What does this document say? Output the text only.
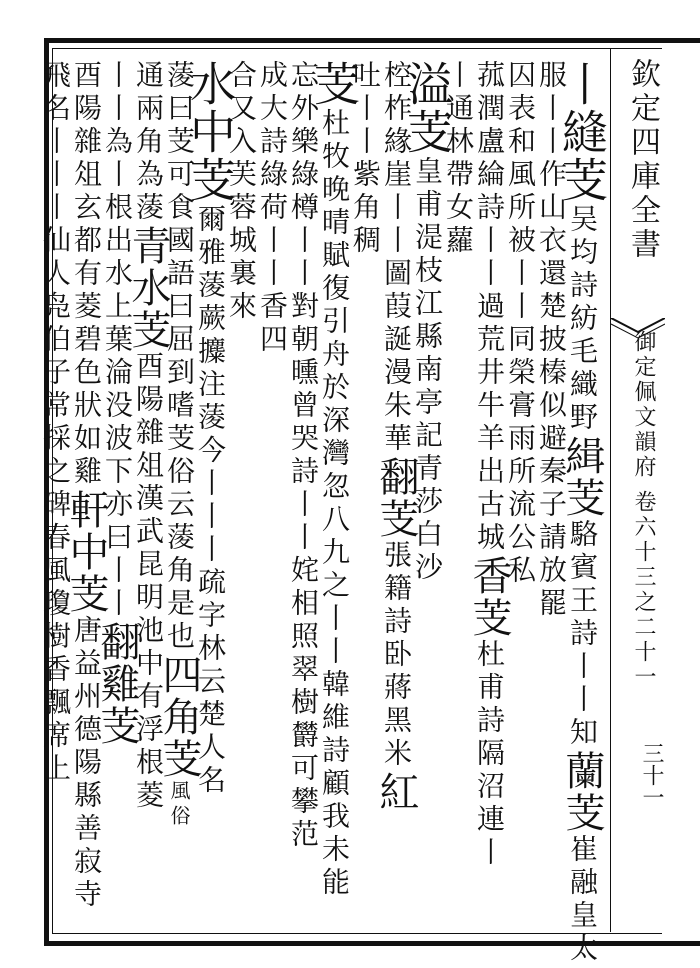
欽定四庫全書
御定佩文韻府 卷六十三之二十一
三十一
丨縫芰吴均詩紡毛織野緝芰駱賓王詩丨丨知蘭芰崔融皇太
服丨丨作山衣還楚披榛似避秦子請放罷
囚表和風所被丨丨同榮膏雨所流公私
菰潤盧綸詩丨丨過荒井牛羊出古城香芰杜甫詩隔沼連丨
丨通林帶女蘿
溢芰皇甫湜枝江縣南亭記青莎白沙
椌柞緣崖丨丨圖葭誕漫朱華翻芰張籍詩卧蔣黑米紅
吐丨丨紫角稠
芰杜牧晚晴賦復引舟於深灣忽八九之丨丨韓維詩顧我未能
忘外樂綠樽丨丨對朝曛曾哭詩丨丨姹相照翠樹欝可攀范
成大詩綠荷丨丨香四
合又入芙蓉城裏來
水中芰爾雅蔆蕨攗注蔆今丨丨丨疏字林云楚人名
蔆曰芰可食國語曰屈到嗜芰俗云蔆角是也四角芰風俗
通兩角為蔆青水芰酉陽雜俎漢武昆明池中有浮根菱
丨丨為丨根出水上葉淪没波下亦曰丨丨翻雞芰
酉陽雜俎玄都有菱碧色狀如雞軒中芰唐益州德陽縣善寂寺
飛名丨丨丨仙人凫伯子常採之碑春風瓊樹香飄席上
